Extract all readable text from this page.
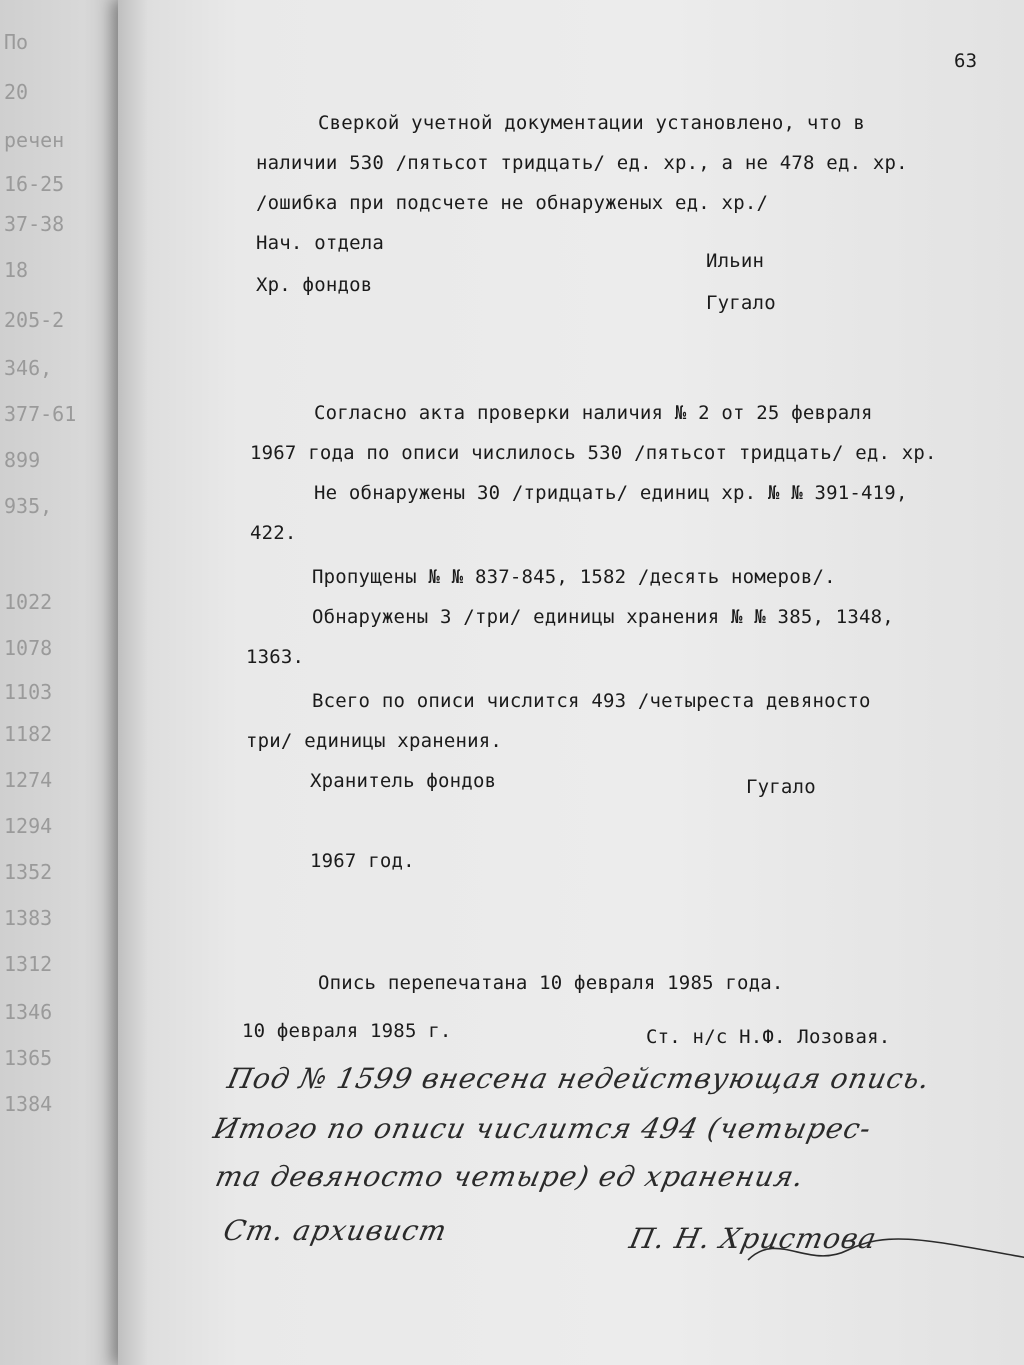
По
20
речен
16-25
37-38
18
205-2
346,
377-61
899
935,
1022
1078
1103
1182
1274
1294
1352
1383
1312
1346
1365
1384
63
Сверкой учетной документации установлено, что в
наличии 530 /пятьсот тридцать/ ед. хр., а не 478 ед. хр.
/ошибка при подсчете не обнаруженых ед. хр./
Нач. отдела
Ильин
Хр. фондов
Гугало
Согласно акта проверки наличия № 2 от 25 февраля
1967 года по описи числилось 530 /пятьсот тридцать/ ед. хр.
Не обнаружены 30 /тридцать/ единиц хр. № № 391-419,
422.
Пропущены № № 837-845, 1582 /десять номеров/.
Обнаружены 3 /три/ единицы хранения № № 385, 1348,
1363.
Всего по описи числится 493 /четыреста девяносто
три/ единицы хранения.
Хранитель фондов	Гугало
1967 год.
Опись перепечатана 10 февраля 1985 года.
10 февраля 1985 г.	Ст. н/с Н.Ф. Лозовая.
Под № 1599 внесена недействующая опись.
Итого по описи числится 494 (четырес-
та девяносто четыре) ед хранения.
Ст. архивист	П. Н. Христова
